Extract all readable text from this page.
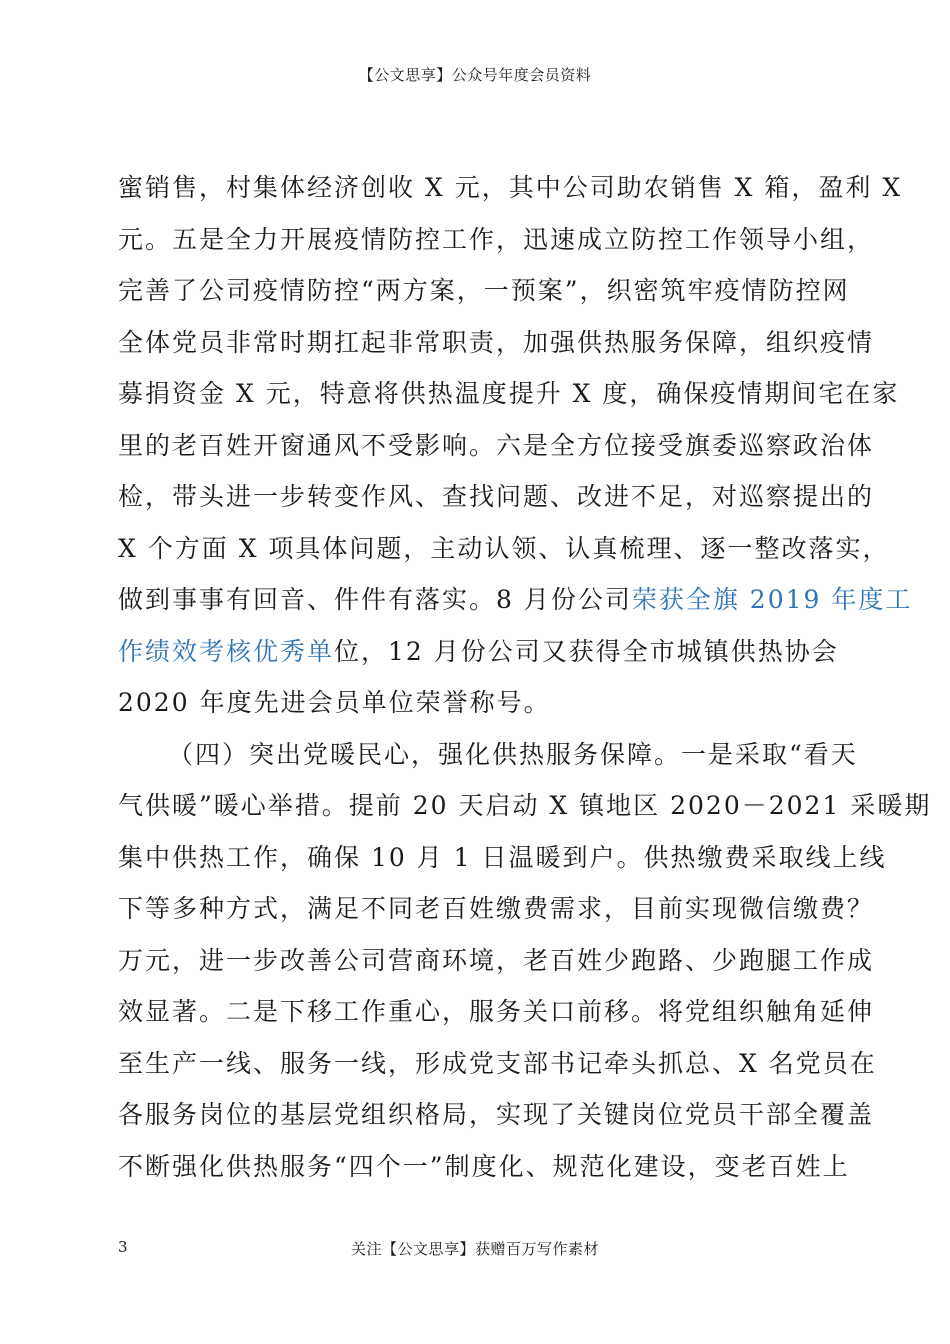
【公文思享】公众号年度会员资料

蜜销售，村集体经济创收 X 元，其中公司助农销售 X 箱，盈利 X
元。五是全力开展疫情防控工作，迅速成立防控工作领导小组，
完善了公司疫情防控“两方案，一预案”，织密筑牢疫情防控网
全体党员非常时期扛起非常职责，加强供热服务保障，组织疫情
募捐资金 X 元，特意将供热温度提升 X 度，确保疫情期间宅在家
里的老百姓开窗通风不受影响。六是全方位接受旗委巡察政治体
检，带头进一步转变作风、查找问题、改进不足，对巡察提出的
X 个方面 X 项具体问题，主动认领、认真梳理、逐一整改落实，
做到事事有回音、件件有落实。8 月份公司荣获全旗 2019 年度工
作绩效考核优秀单位，12 月份公司又获得全市城镇供热协会
2020 年度先进会员单位荣誉称号。

（四）突出党暖民心，强化供热服务保障。一是采取“看天
气供暖”暖心举措。提前 20 天启动 X 镇地区 2020－2021 采暖期
集中供热工作，确保 10 月 1 日温暖到户。供热缴费采取线上线
下等多种方式，满足不同老百姓缴费需求，目前实现微信缴费？
万元，进一步改善公司营商环境，老百姓少跑路、少跑腿工作成
效显著。二是下移工作重心，服务关口前移。将党组织触角延伸
至生产一线、服务一线，形成党支部书记牵头抓总、X 名党员在
各服务岗位的基层党组织格局，实现了关键岗位党员干部全覆盖
不断强化供热服务“四个一”制度化、规范化建设，变老百姓上

3	关注【公文思享】获赠百万写作素材
